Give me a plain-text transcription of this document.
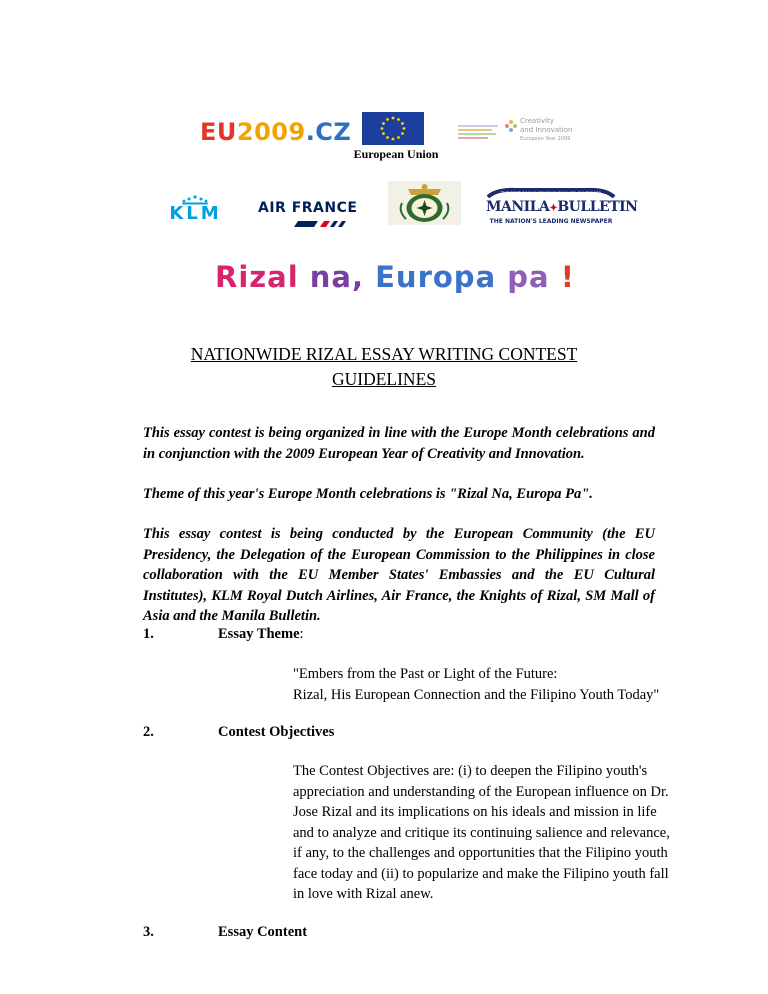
EU2009.CZ
European Union
Creativity
and Innovation
European Year 2009
KLM	AIR FRANCE
THE BEST OF PHILIPPINE JOURNALISM SINCE 1900
MANILA✦BULLETIN
THE NATION'S LEADING NEWSPAPER
Rizal na, Europa pa !
NATIONWIDE RIZAL ESSAY WRITING CONTEST
GUIDELINES
This essay contest is being organized in line with the Europe Month celebrations and in conjunction with the 2009 European Year of Creativity and Innovation.
Theme of this year's Europe Month celebrations is "Rizal Na, Europa Pa".
This essay contest is being conducted by the European Community (the EU Presidency, the Delegation of the European Commission to the Philippines in close collaboration with the EU Member States' Embassies and the EU Cultural Institutes), KLM Royal Dutch Airlines, Air France, the Knights of Rizal, SM Mall of Asia and the Manila Bulletin.
1.	Essay Theme:
"Embers from the Past or Light of the Future:
Rizal, His European Connection and the Filipino Youth Today"
2.	Contest Objectives
The Contest Objectives are: (i) to deepen the Filipino youth's appreciation and understanding of the European influence on Dr. Jose Rizal and its implications on his ideals and mission in life and to analyze and critique its continuing salience and relevance, if any, to the challenges and opportunities that the Filipino youth face today and (ii) to popularize and make the Filipino youth fall in love with Rizal anew.
3.	Essay Content
